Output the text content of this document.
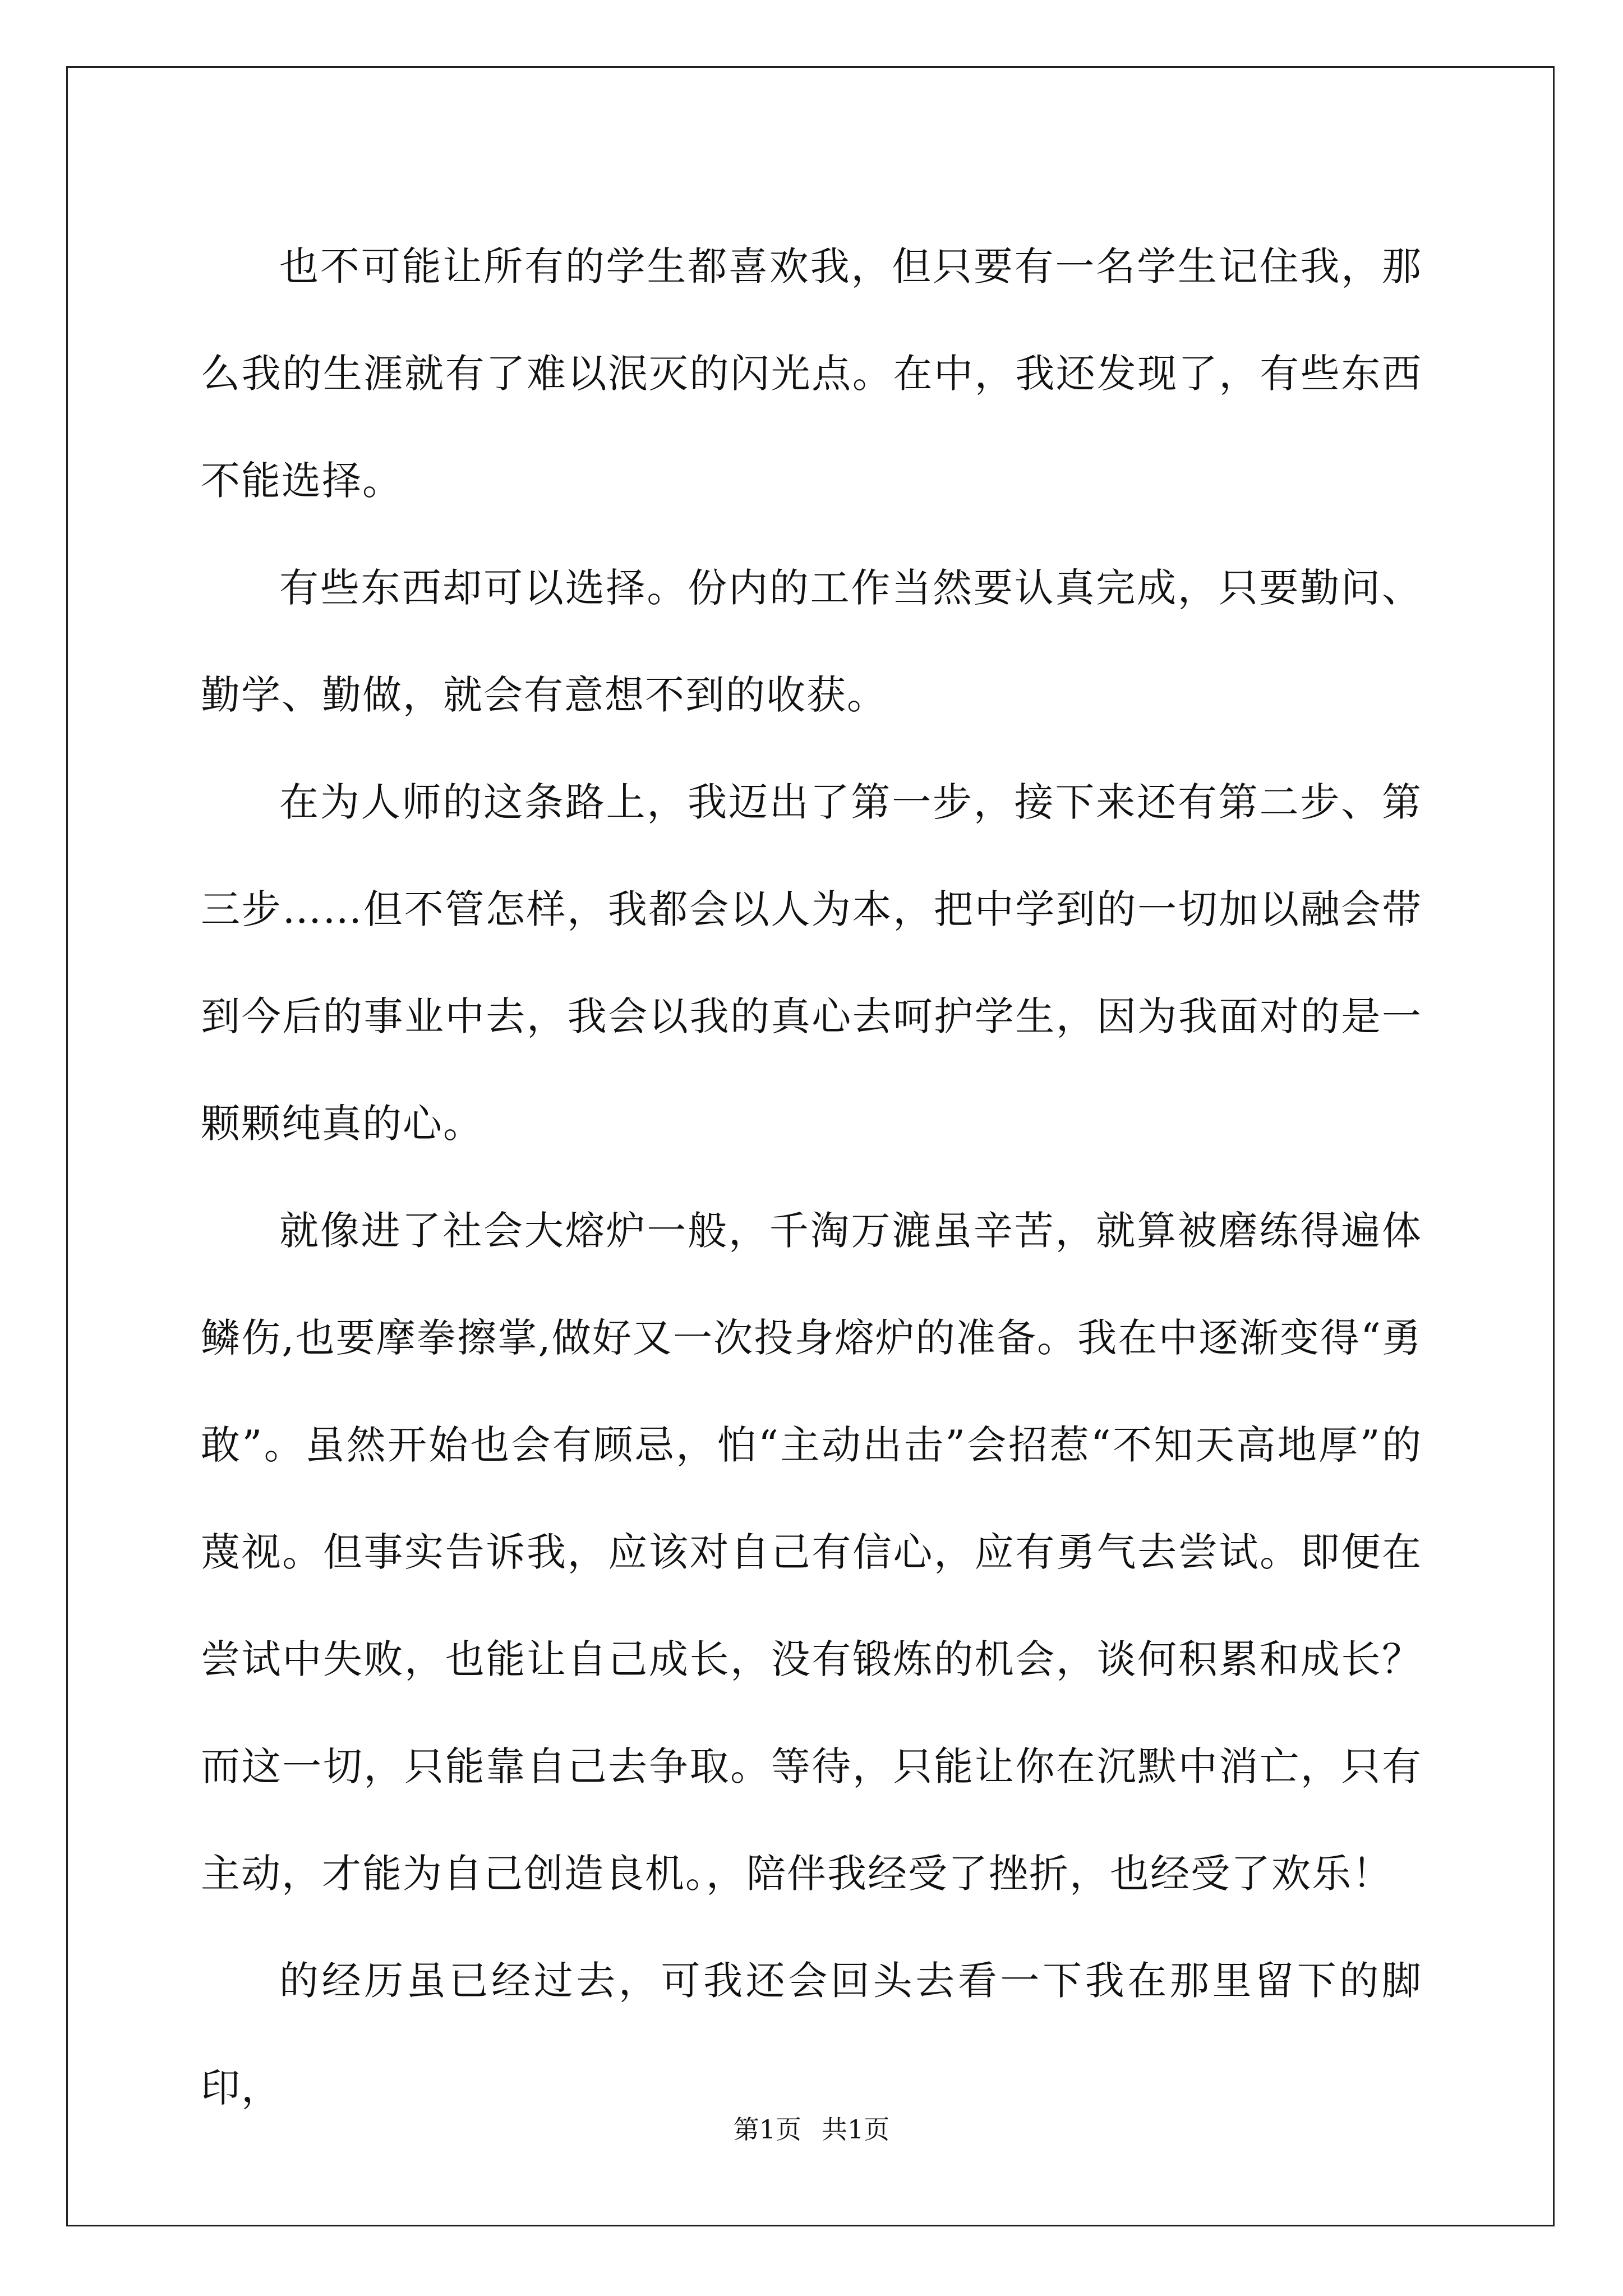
也不可能让所有的学生都喜欢我，但只要有一名学生记住我，那么我的生涯就有了难以泯灭的闪光点。在中，我还发现了，有些东西不能选择。

有些东西却可以选择。份内的工作当然要认真完成，只要勤问、勤学、勤做，就会有意想不到的收获。

在为人师的这条路上，我迈出了第一步，接下来还有第二步、第三步……但不管怎样，我都会以人为本，把中学到的一切加以融会带到今后的事业中去，我会以我的真心去呵护学生，因为我面对的是一颗颗纯真的心。

就像进了社会大熔炉一般，千淘万漉虽辛苦，就算被磨练得遍体鳞伤,也要摩拳擦掌,做好又一次投身熔炉的准备。我在中逐渐变得“勇敢”。虽然开始也会有顾忌，怕“主动出击”会招惹“不知天高地厚”的蔑视。但事实告诉我，应该对自己有信心，应有勇气去尝试。即便在尝试中失败，也能让自己成长，没有锻炼的机会，谈何积累和成长？而这一切，只能靠自己去争取。等待，只能让你在沉默中消亡，只有主动，才能为自己创造良机。，陪伴我经受了挫折，也经受了欢乐！

的经历虽已经过去，可我还会回头去看一下我在那里留下的脚印，

第1页 共1页
